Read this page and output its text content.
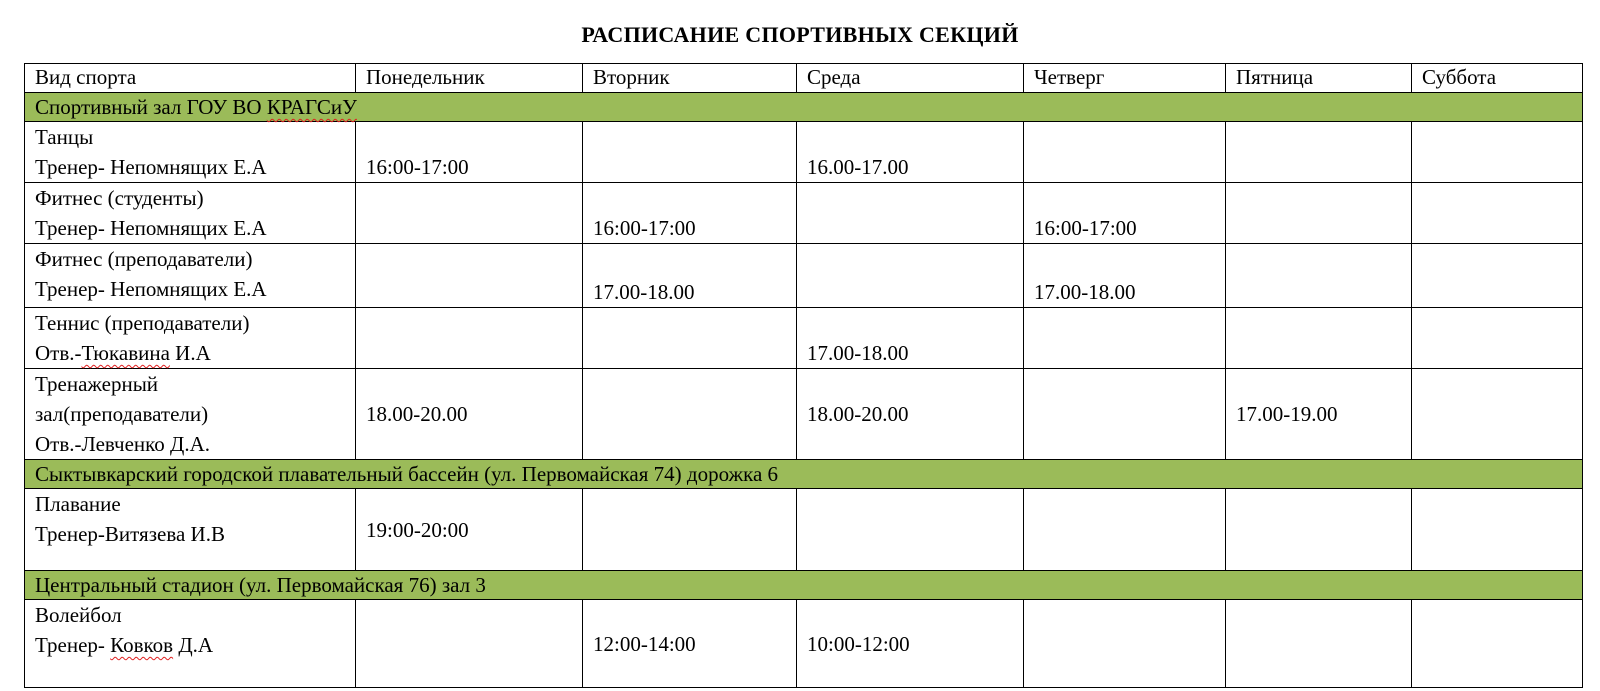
РАСПИСАНИЕ СПОРТИВНЫХ СЕКЦИЙ
Вид спорта	Понедельник	Вторник	Среда	Четверг	Пятница	Суббота
Спортивный зал ГОУ ВО КРАГСиУ						

Танцы
Тренер- Непомнящих Е.А	16:00-17:00		16.00-17.00			

Фитнес (студенты)
Тренер- Непомнящих Е.А		16:00-17:00		16:00-17:00		

Фитнес (преподаватели)
Тренер- Непомнящих Е.А		17.00-18.00		17.00-18.00		

Теннис (преподаватели)
Отв.-Тюкавина И.А			17.00-18.00			

Тренажерный
зал(преподаватели)
Отв.-Левченко Д.А.	18.00-20.00		18.00-20.00		17.00-19.00	
Сыктывкарский городской плавательный бассейн (ул. Первомайская 74) дорожка 6						

Плавание
Тренер-Витязева И.В	19:00-20:00					
Центральный стадион (ул. Первомайская 76) зал 3						

Волейбол
Тренер- Ковков Д.А		12:00-14:00	10:00-12:00			
